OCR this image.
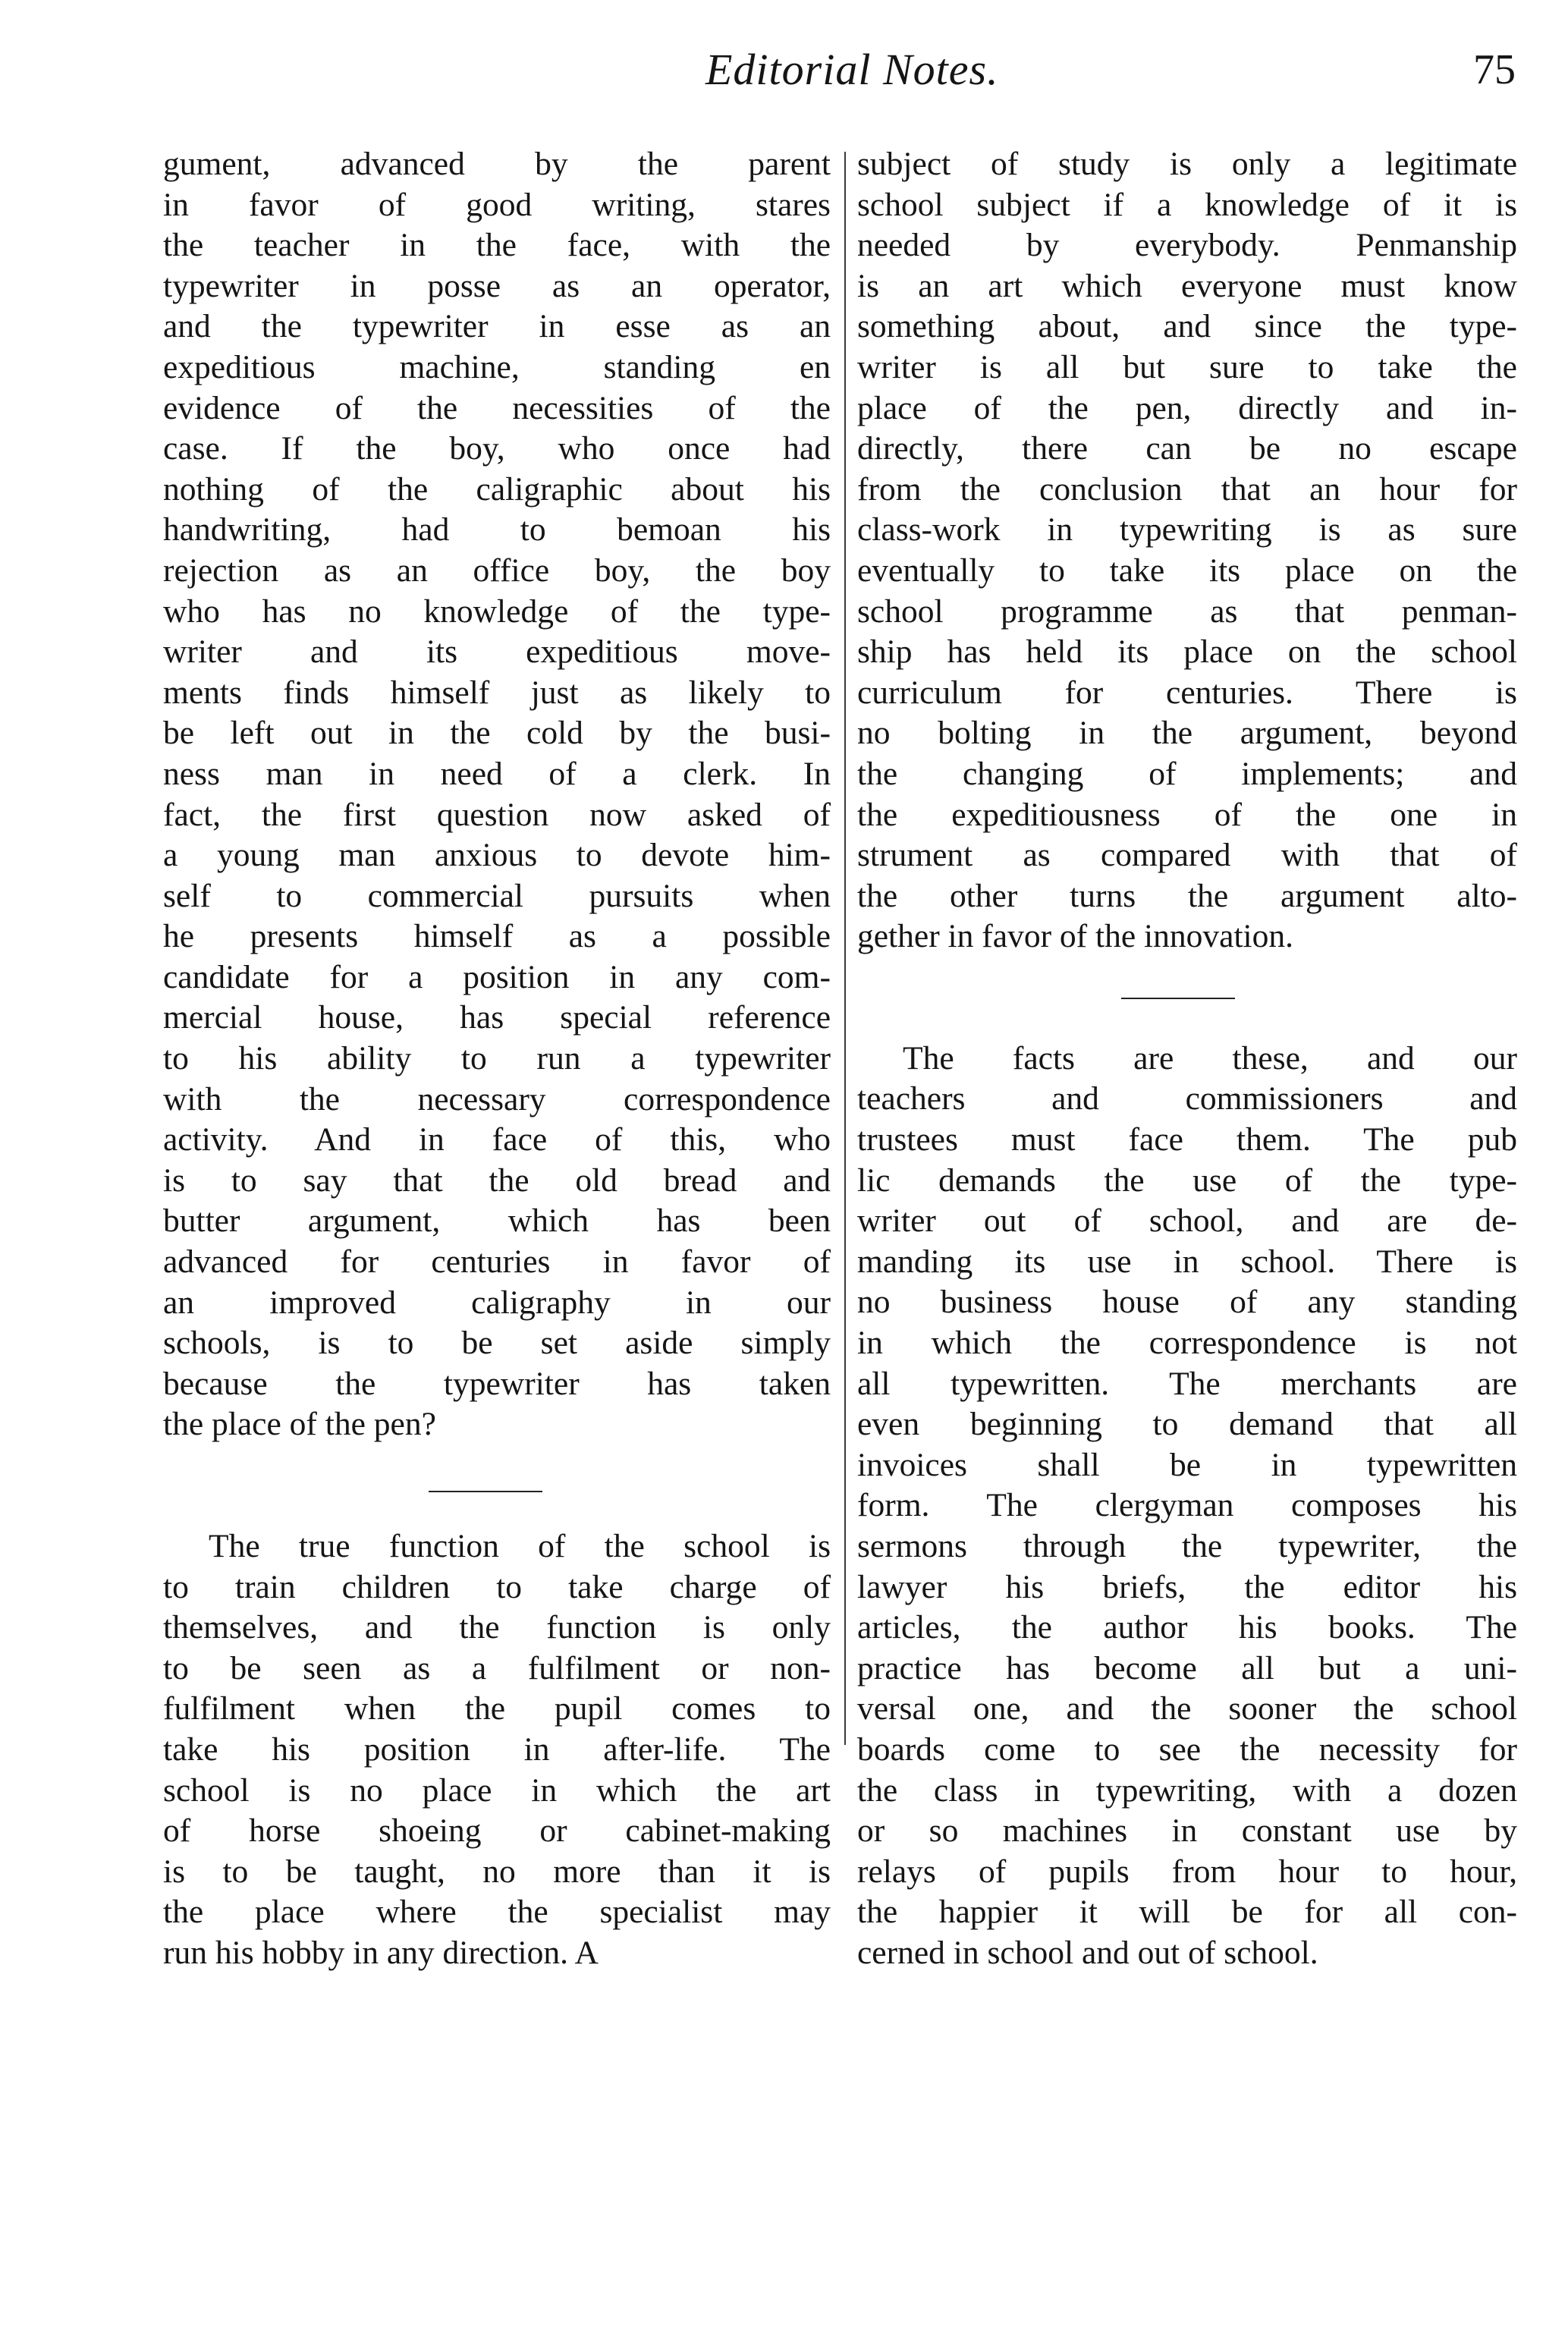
Editorial Notes.	75
gument, advanced by the parent
in favor of good writing, stares
the teacher in the face, with the
typewriter in posse as an operator,
and the typewriter in esse as an
expeditious machine, standing en
evidence of the necessities of the
case. If the boy, who once had
nothing of the caligraphic about his
handwriting, had to bemoan his
rejection as an office boy, the boy
who has no knowledge of the type-
writer and its expeditious move-
ments finds himself just as likely to
be left out in the cold by the busi-
ness man in need of a clerk. In
fact, the first question now asked of
a young man anxious to devote him-
self to commercial pursuits when
he presents himself as a possible
candidate for a position in any com-
mercial house, has special reference
to his ability to run a typewriter
with the necessary correspondence
activity. And in face of this, who
is to say that the old bread and
butter argument, which has been
advanced for centuries in favor of
an improved caligraphy in our
schools, is to be set aside simply
because the typewriter has taken
the place of the pen?
The true function of the school is
to train children to take charge of
themselves, and the function is only
to be seen as a fulfilment or non-
fulfilment when the pupil comes to
take his position in after-life. The
school is no place in which the art
of horse shoeing or cabinet-making
is to be taught, no more than it is
the place where the specialist may
run his hobby in any direction. A
subject of study is only a legitimate
school subject if a knowledge of it is
needed by everybody. Penmanship
is an art which everyone must know
something about, and since the type-
writer is all but sure to take the
place of the pen, directly and in-
directly, there can be no escape
from the conclusion that an hour for
class-work in typewriting is as sure
eventually to take its place on the
school programme as that penman-
ship has held its place on the school
curriculum for centuries. There is
no bolting in the argument, beyond
the changing of implements; and
the expeditiousness of the one in
strument as compared with that of
the other turns the argument alto-
gether in favor of the innovation.
The facts are these, and our
teachers and commissioners and
trustees must face them. The pub
lic demands the use of the type-
writer out of school, and are de-
manding its use in school. There is
no business house of any standing
in which the correspondence is not
all typewritten. The merchants are
even beginning to demand that all
invoices shall be in typewritten
form. The clergyman composes his
sermons through the typewriter, the
lawyer his briefs, the editor his
articles, the author his books. The
practice has become all but a uni-
versal one, and the sooner the school
boards come to see the necessity for
the class in typewriting, with a dozen
or so machines in constant use by
relays of pupils from hour to hour,
the happier it will be for all con-
cerned in school and out of school.
